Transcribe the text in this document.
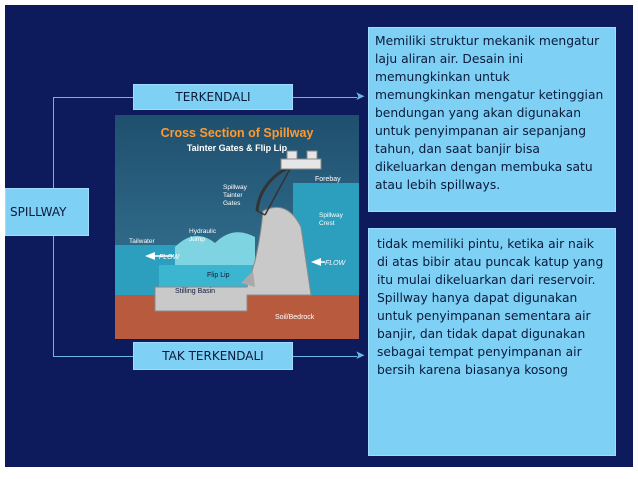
➤
➤
SPILLWAY
TERKENDALI
TAK TERKENDALI
Memiliki struktur mekanik mengatur laju aliran air. Desain ini memungkinkan untuk memungkinkan mengatur ketinggian bendungan yang akan digunakan untuk penyimpanan air sepanjang tahun, dan saat banjir bisa dikeluarkan dengan membuka satu atau lebih spillways.
tidak memiliki pintu, ketika air naik di atas bibir atau puncak katup yang itu mulai dikeluarkan dari reservoir. Spillway hanya dapat digunakan untuk penyimpanan sementara air banjir, dan tidak dapat digunakan sebagai tempat penyimpanan air bersih karena biasanya kosong
Cross Section of Spillway
Tainter Gates & Flip Lip
Forebay
Spillway
Tainter
Gates
Spillway
Crest
Hydraulic
Jump
Tailwater
FLOW
FLOW
Flip Lip
Stilling Basin
Soil/Bedrock
